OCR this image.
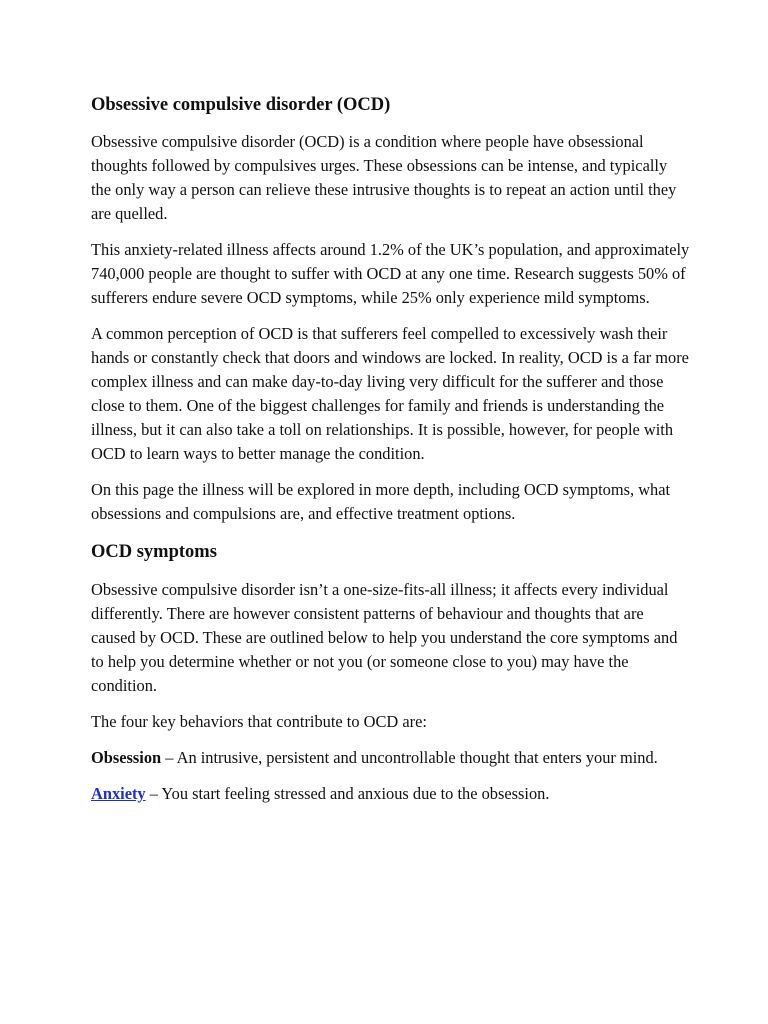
Obsessive compulsive disorder (OCD)

Obsessive compulsive disorder (OCD) is a condition where people have obsessional thoughts followed by compulsives urges. These obsessions can be intense, and typically the only way a person can relieve these intrusive thoughts is to repeat an action until they are quelled.

This anxiety-related illness affects around 1.2% of the UK’s population, and approximately 740,000 people are thought to suffer with OCD at any one time. Research suggests 50% of sufferers endure severe OCD symptoms, while 25% only experience mild symptoms.

A common perception of OCD is that sufferers feel compelled to excessively wash their hands or constantly check that doors and windows are locked. In reality, OCD is a far more complex illness and can make day-to-day living very difficult for the sufferer and those close to them. One of the biggest challenges for family and friends is understanding the illness, but it can also take a toll on relationships. It is possible, however, for people with OCD to learn ways to better manage the condition.

On this page the illness will be explored in more depth, including OCD symptoms, what obsessions and compulsions are, and effective treatment options.

OCD symptoms

Obsessive compulsive disorder isn’t a one-size-fits-all illness; it affects every individual differently. There are however consistent patterns of behaviour and thoughts that are caused by OCD. These are outlined below to help you understand the core symptoms and to help you determine whether or not you (or someone close to you) may have the condition.

The four key behaviors that contribute to OCD are:

Obsession – An intrusive, persistent and uncontrollable thought that enters your mind.

Anxiety – You start feeling stressed and anxious due to the obsession.
